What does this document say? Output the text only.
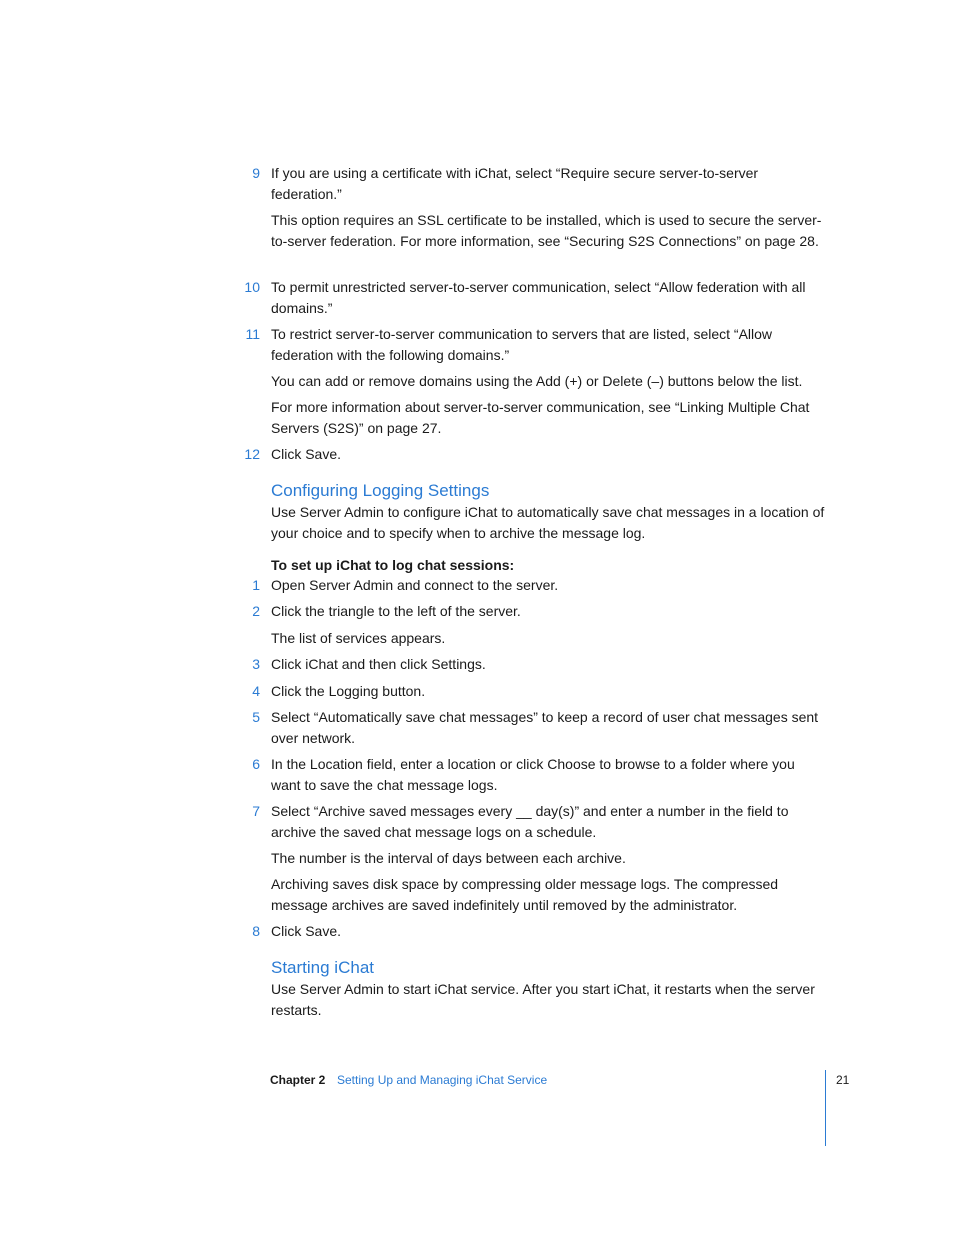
9 If you are using a certificate with iChat, select “Require secure server-to-server federation.”

This option requires an SSL certificate to be installed, which is used to secure the server-to-server federation. For more information, see “Securing S2S Connections” on page 28.

10 To permit unrestricted server-to-server communication, select “Allow federation with all domains.”

11 To restrict server-to-server communication to servers that are listed, select “Allow federation with the following domains.”

You can add or remove domains using the Add (+) or Delete (–) buttons below the list.

For more information about server-to-server communication, see “Linking Multiple Chat Servers (S2S)” on page 27.

12 Click Save.

Configuring Logging Settings

Use Server Admin to configure iChat to automatically save chat messages in a location of your choice and to specify when to archive the message log.

To set up iChat to log chat sessions:

1 Open Server Admin and connect to the server.

2 Click the triangle to the left of the server.

The list of services appears.

3 Click iChat and then click Settings.

4 Click the Logging button.

5 Select “Automatically save chat messages” to keep a record of user chat messages sent over network.

6 In the Location field, enter a location or click Choose to browse to a folder where you want to save the chat message logs.

7 Select “Archive saved messages every __ day(s)” and enter a number in the field to archive the saved chat message logs on a schedule.

The number is the interval of days between each archive.

Archiving saves disk space by compressing older message logs. The compressed message archives are saved indefinitely until removed by the administrator.

8 Click Save.

Starting iChat

Use Server Admin to start iChat service. After you start iChat, it restarts when the server restarts.

Chapter 2 Setting Up and Managing iChat Service	21
